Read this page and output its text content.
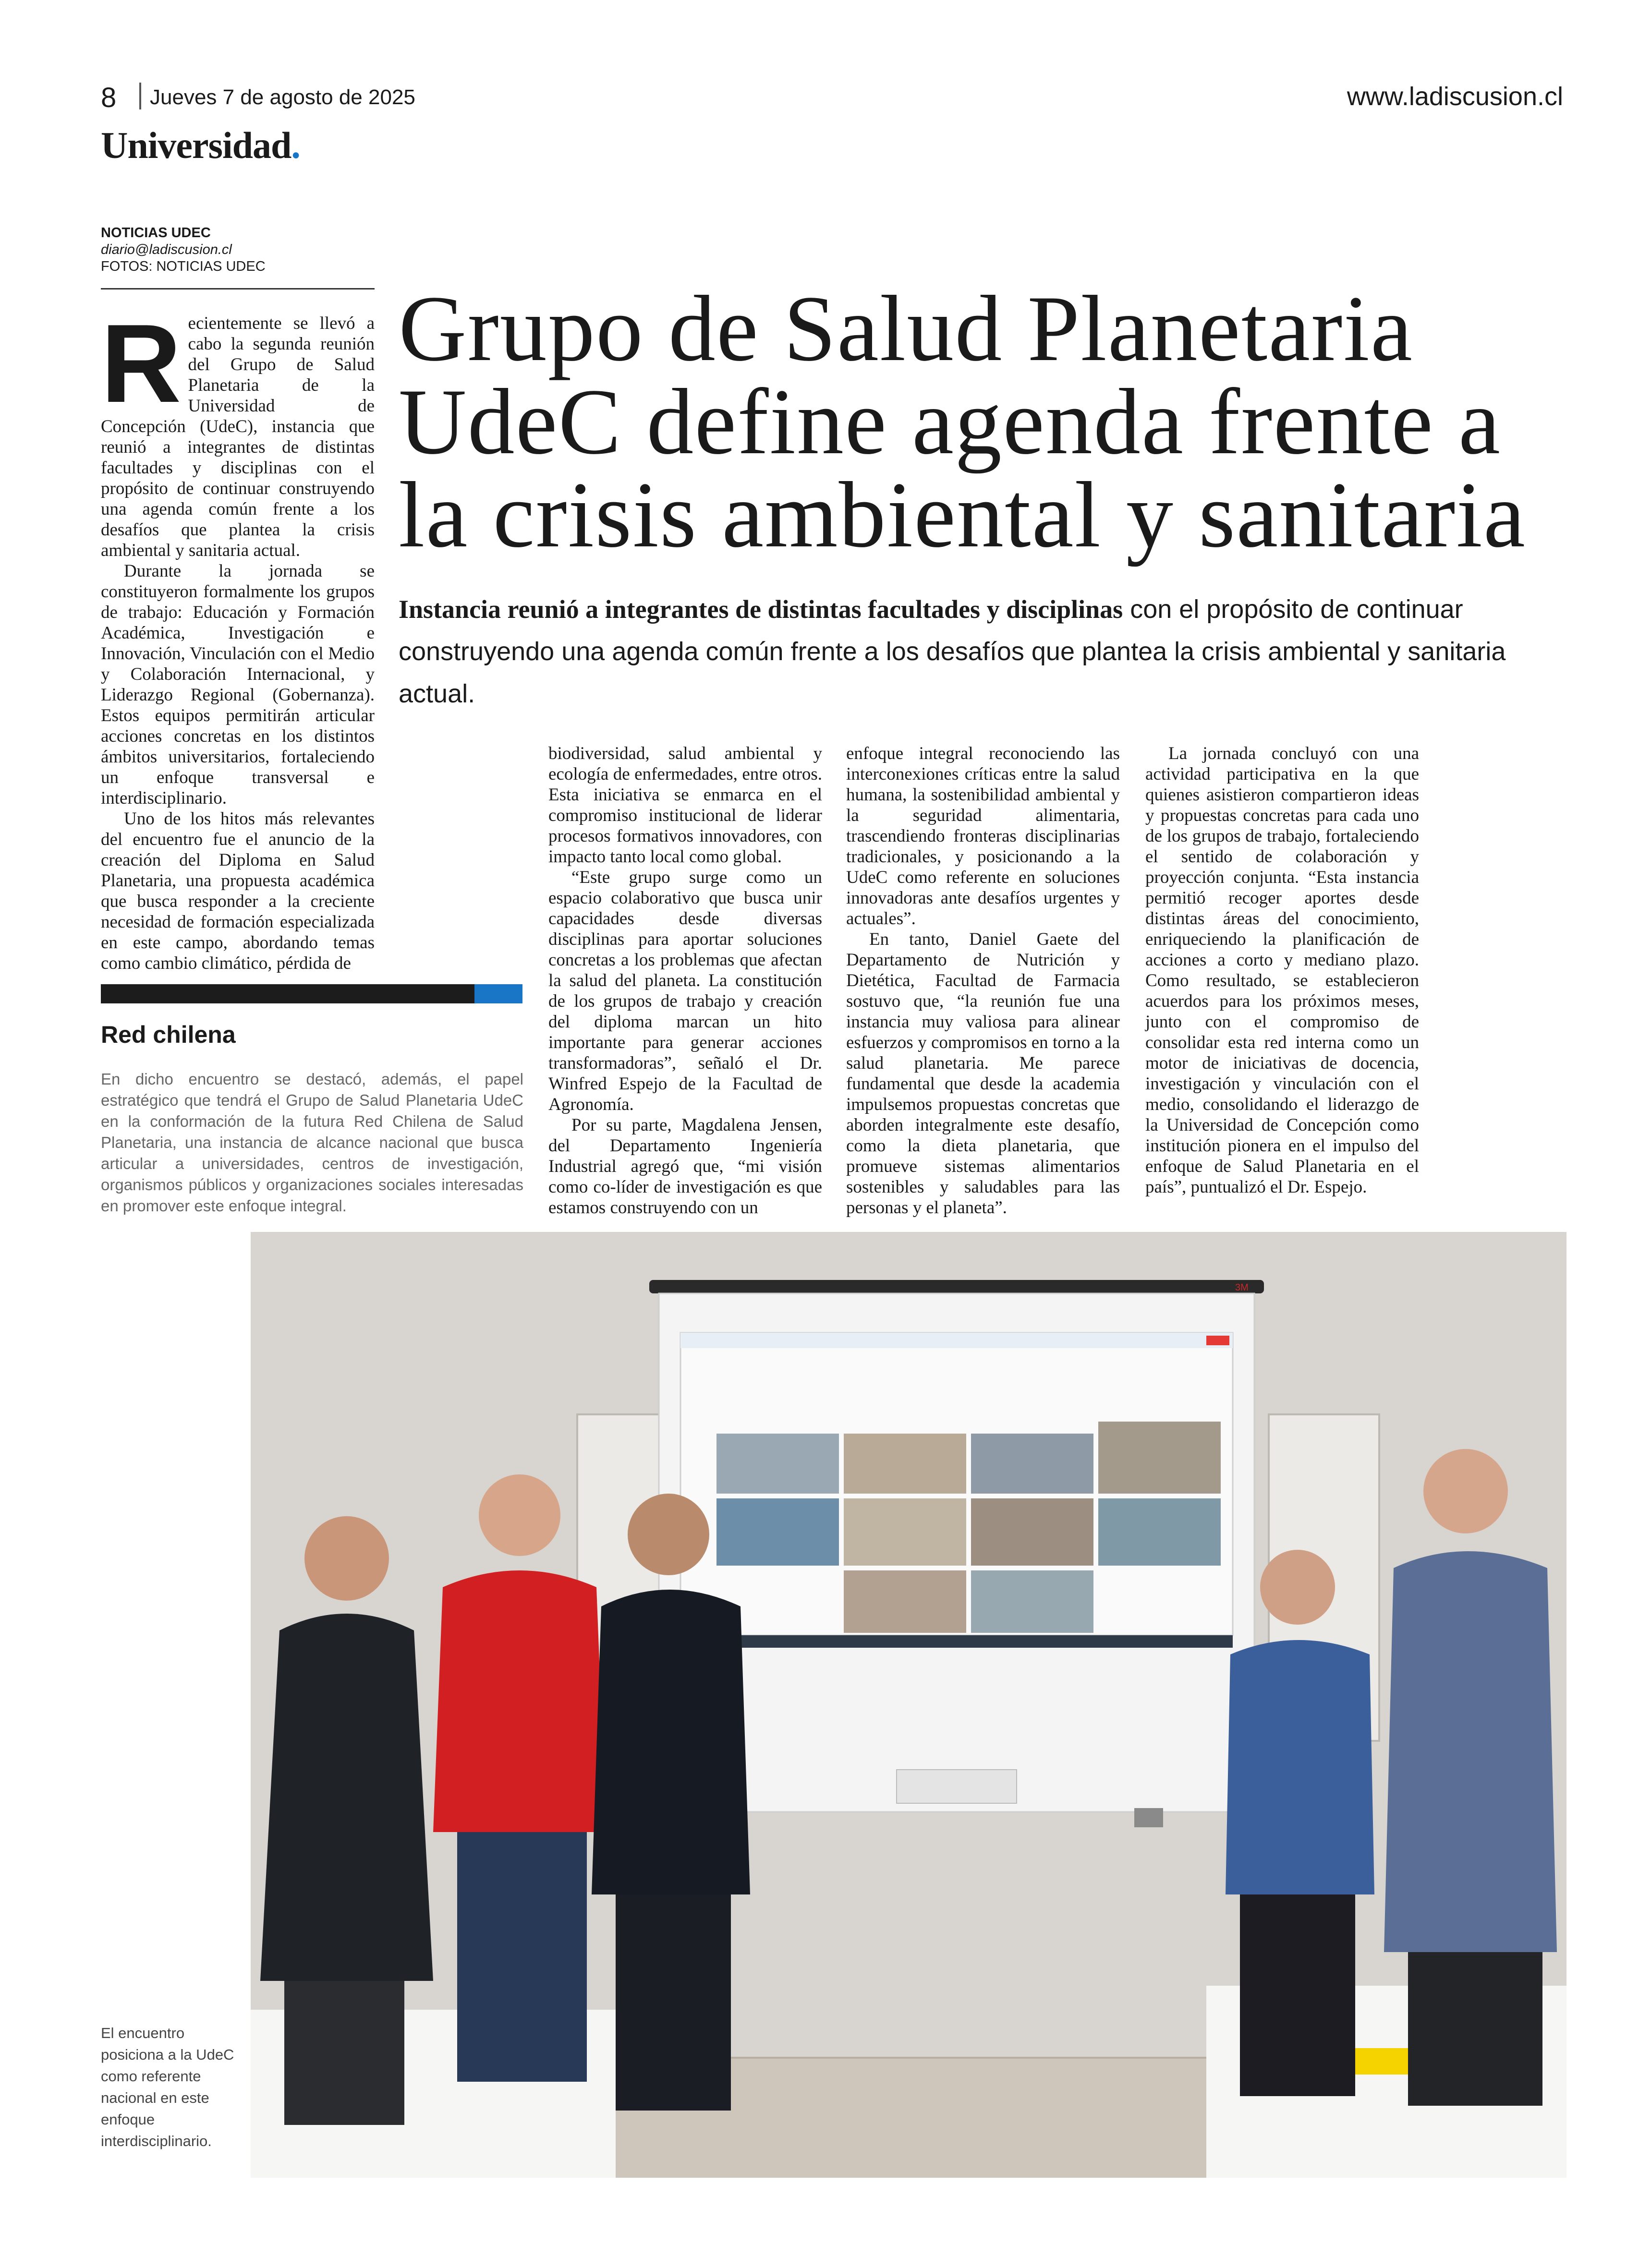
8 Jueves 7 de agosto de 2025	www.ladiscusion.cl
Universidad.
NOTICIAS UDEC
diario@ladiscusion.cl
FOTOS: NOTICIAS UDEC
Grupo de Salud Planetaria UdeC define agenda frente a la crisis ambiental y sanitaria
Instancia reunió a integrantes de distintas facultades y disciplinas con el propósito de continuar construyendo una agenda común frente a los desafíos que plantea la crisis ambiental y sanitaria actual.

Recientemente se llevó a cabo la segunda reunión del Grupo de Salud Planetaria de la Universidad de Concepción (UdeC), instancia que reunió a integrantes de distintas facultades y disciplinas con el propósito de continuar construyendo una agenda común frente a los desafíos que plantea la crisis ambiental y sanitaria actual.

Durante la jornada se constituyeron formalmente los grupos de trabajo: Educación y Formación Académica, Investigación e Innovación, Vinculación con el Medio y Colaboración Internacional, y Liderazgo Regional (Gobernanza). Estos equipos permitirán articular acciones concretas en los distintos ámbitos universitarios, fortaleciendo un enfoque transversal e interdisciplinario.

Uno de los hitos más relevantes del encuentro fue el anuncio de la creación del Diploma en Salud Planetaria, una propuesta académica que busca responder a la creciente necesidad de formación especializada en este campo, abordando temas como cambio climático, pérdida de

Red chilena
En dicho encuentro se destacó, además, el papel estratégico que tendrá el Grupo de Salud Planetaria UdeC en la conformación de la futura Red Chilena de Salud Planetaria, una instancia de alcance nacional que busca articular a universidades, centros de investigación, organismos públicos y organizaciones sociales interesadas en promover este enfoque integral.

biodiversidad, salud ambiental y ecología de enfermedades, entre otros. Esta iniciativa se enmarca en el compromiso institucional de liderar procesos formativos innovadores, con impacto tanto local como global.

“Este grupo surge como un espacio colaborativo que busca unir capacidades desde diversas disciplinas para aportar soluciones concretas a los problemas que afectan la salud del planeta. La constitución de los grupos de trabajo y creación del diploma marcan un hito importante para generar acciones transformadoras”, señaló el Dr. Winfred Espejo de la Facultad de Agronomía.

Por su parte, Magdalena Jensen, del Departamento Ingeniería Industrial agregó que, “mi visión como co-líder de investigación es que estamos construyendo con un

enfoque integral reconociendo las interconexiones críticas entre la salud humana, la sostenibilidad ambiental y la seguridad alimentaria, trascendiendo fronteras disciplinarias tradicionales, y posicionando a la UdeC como referente en soluciones innovadoras ante desafíos urgentes y actuales”.

En tanto, Daniel Gaete del Departamento de Nutrición y Dietética, Facultad de Farmacia sostuvo que, “la reunión fue una instancia muy valiosa para alinear esfuerzos y compromisos en torno a la salud planetaria. Me parece fundamental que desde la academia impulsemos propuestas concretas que aborden integralmente este desafío, como la dieta planetaria, que promueve sistemas alimentarios sostenibles y saludables para las personas y el planeta”.

La jornada concluyó con una actividad participativa en la que quienes asistieron compartieron ideas y propuestas concretas para cada uno de los grupos de trabajo, fortaleciendo el sentido de colaboración y proyección conjunta. “Esta instancia permitió recoger aportes desde distintas áreas del conocimiento, enriqueciendo la planificación de acciones a corto y mediano plazo. Como resultado, se establecieron acuerdos para los próximos meses, junto con el compromiso de consolidar esta red interna como un motor de iniciativas de docencia, investigación y vinculación con el medio, consolidando el liderazgo de la Universidad de Concepción como institución pionera en el impulso del enfoque de Salud Planetaria en el país”, puntualizó el Dr. Espejo.

El encuentro posiciona a la UdeC como referente nacional en este enfoque interdisciplinario.
3M
